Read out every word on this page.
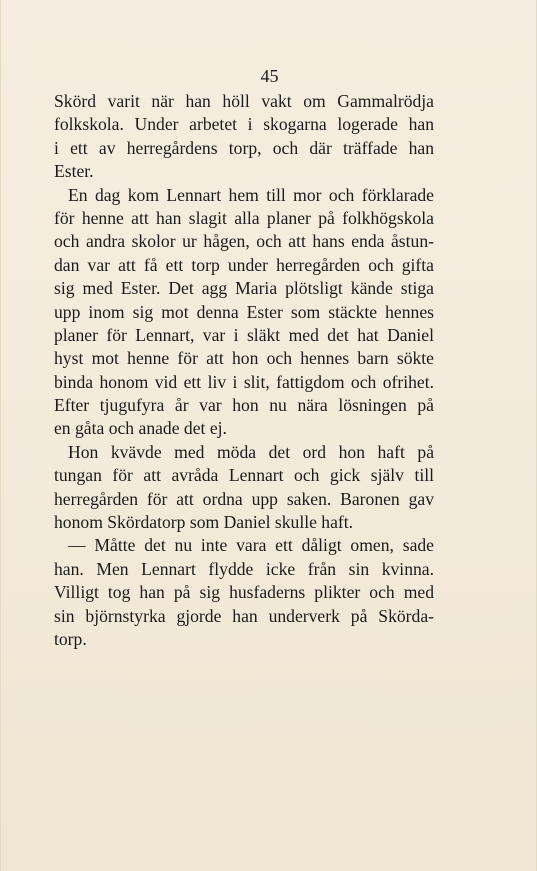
45

Skörd varit när han höll vakt om Gammalrödja
folkskola. Under arbetet i skogarna logerade han
i ett av herregårdens torp, och där träffade han
Ester.
En dag kom Lennart hem till mor och förklarade
för henne att han slagit alla planer på folkhögskola
och andra skolor ur hågen, och att hans enda åstun-
dan var att få ett torp under herregården och gifta
sig med Ester. Det agg Maria plötsligt kände stiga
upp inom sig mot denna Ester som stäckte hennes
planer för Lennart, var i släkt med det hat Daniel
hyst mot henne för att hon och hennes barn sökte
binda honom vid ett liv i slit, fattigdom och ofrihet.
Efter tjugufyra år var hon nu nära lösningen på
en gåta och anade det ej.
Hon kvävde med möda det ord hon haft på
tungan för att avråda Lennart och gick själv till
herregården för att ordna upp saken. Baronen gav
honom Skördatorp som Daniel skulle haft.
— Måtte det nu inte vara ett dåligt omen, sade
han. Men Lennart flydde icke från sin kvinna.
Villigt tog han på sig husfaderns plikter och med
sin björnstyrka gjorde han underverk på Skörda-
torp.
